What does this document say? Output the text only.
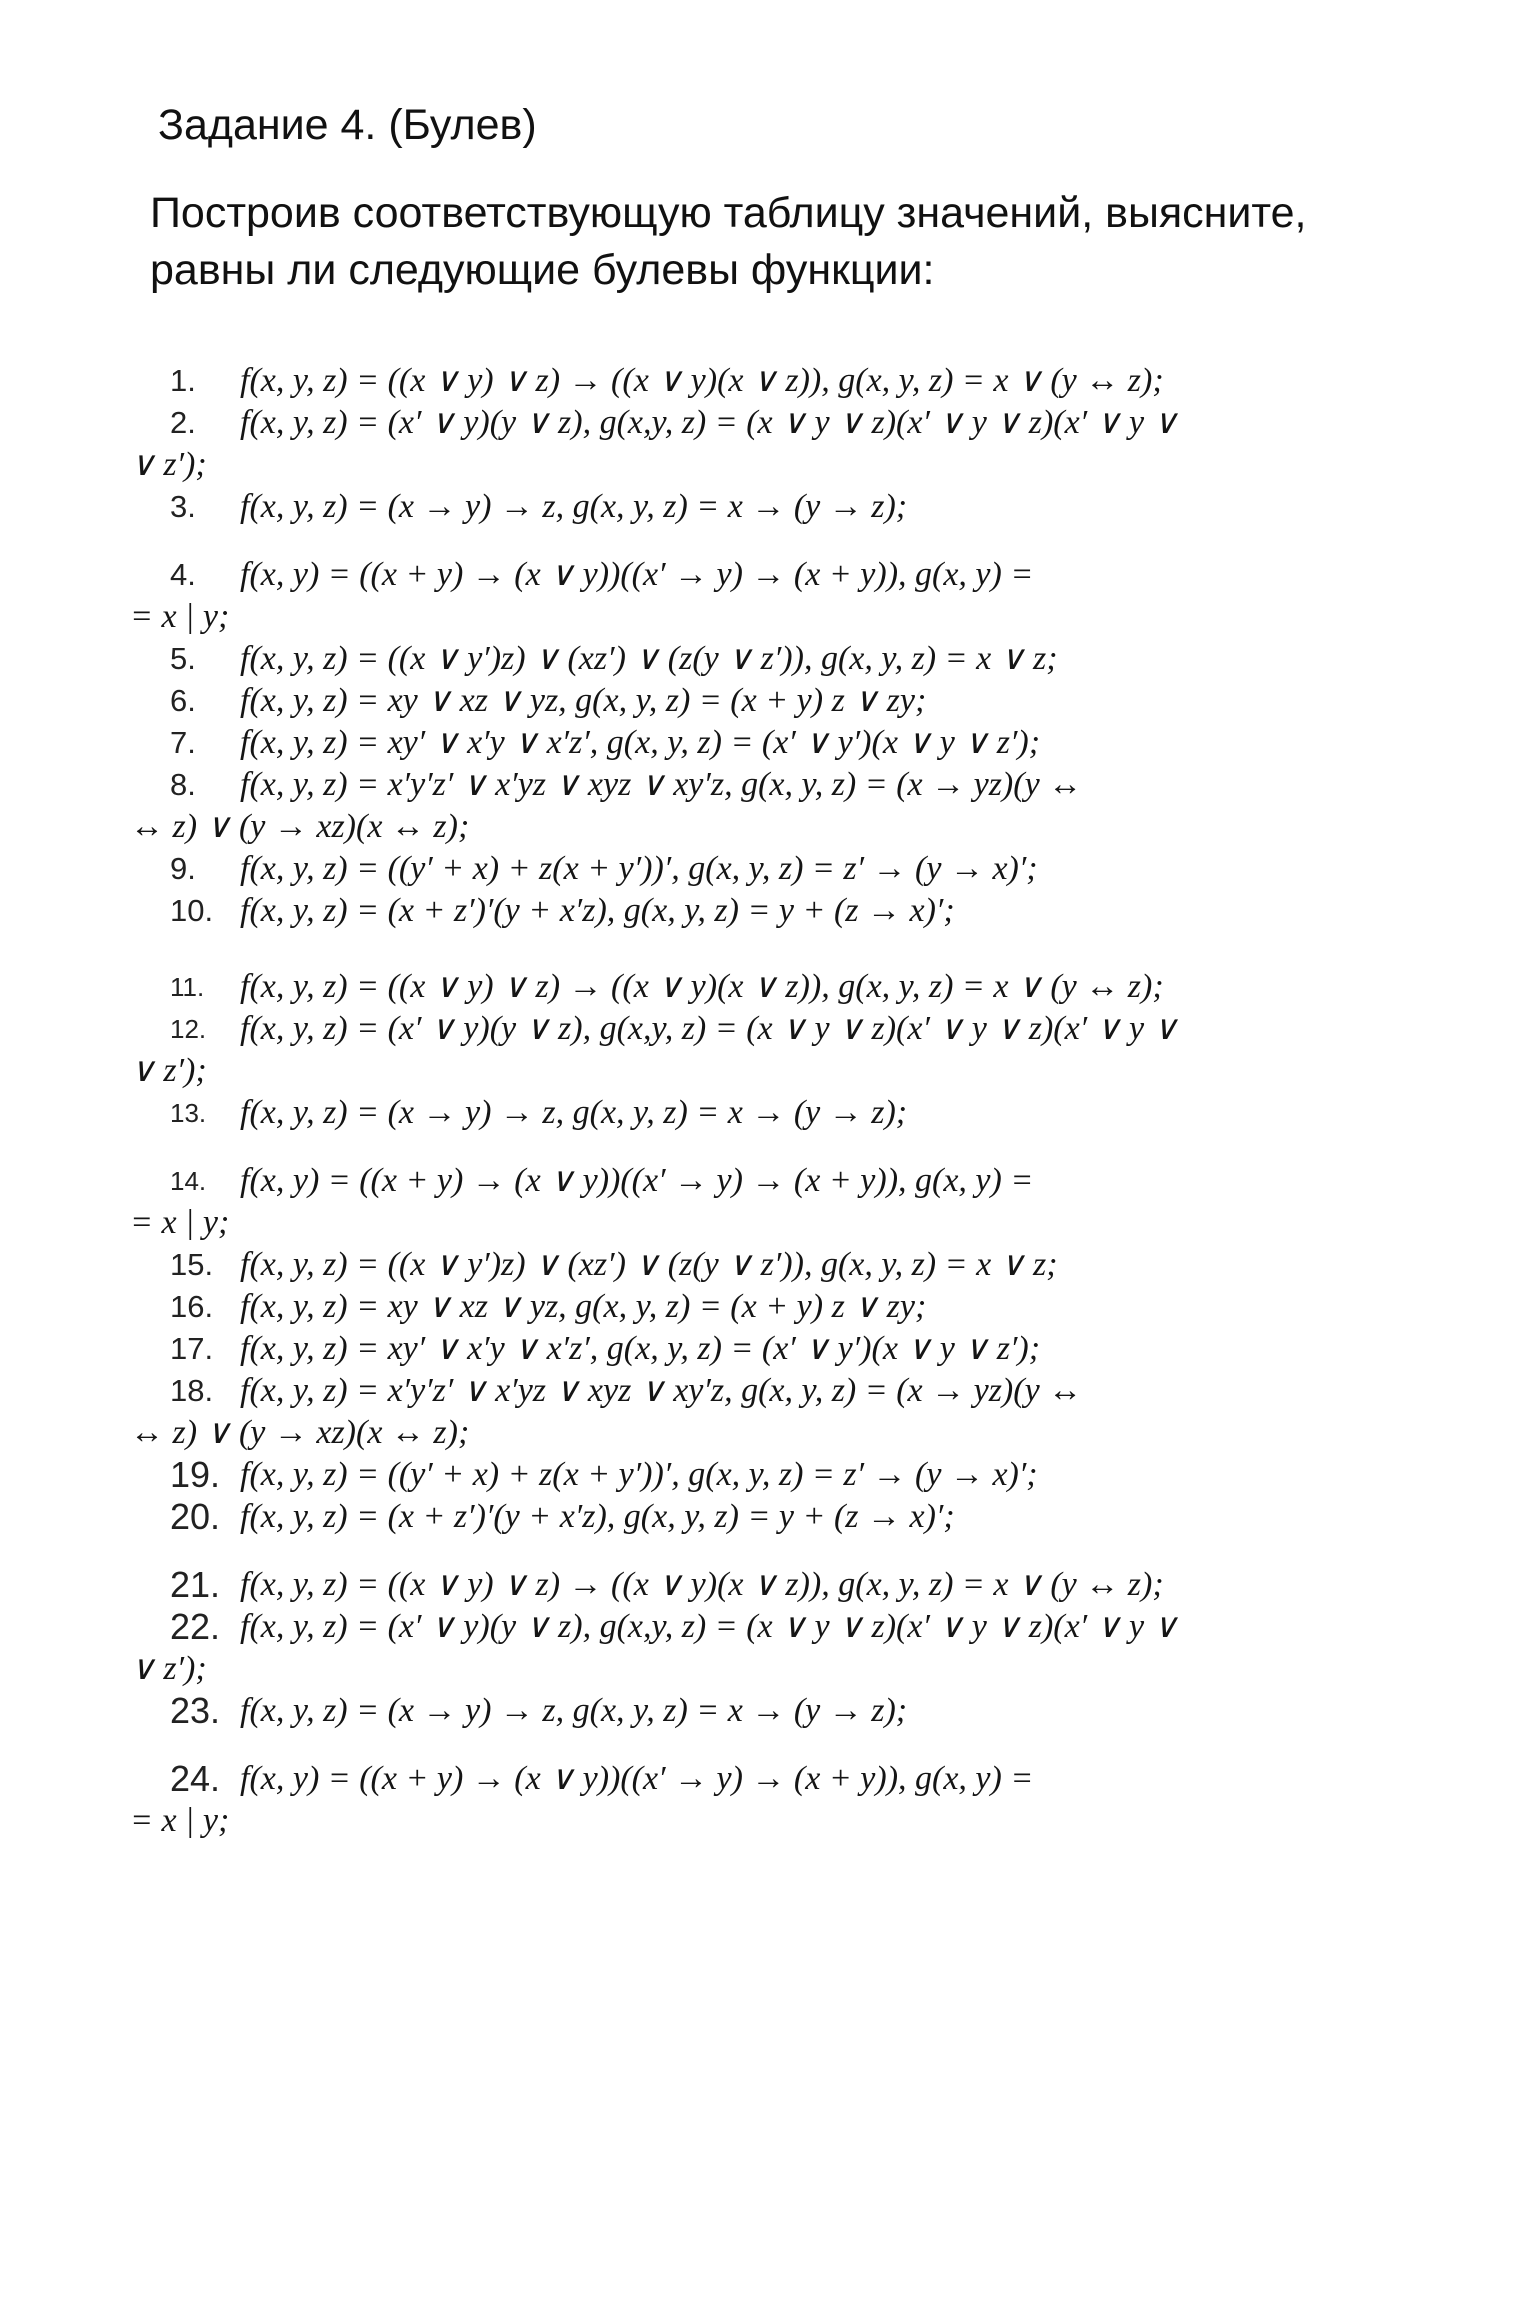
Задание 4. (Булев)
Построив соответствующую таблицу значений, выясните,
равны ли следующие булевы функции:
1.	f(x, y, z) = ((x ∨ y) ∨ z) → ((x ∨ y)(x ∨ z)), g(x, y, z) = x ∨ (y ↔ z);
2.	f(x, y, z) = (x′ ∨ y)(y ∨ z), g(x,y, z) = (x ∨ y ∨ z)(x′ ∨ y ∨ z)(x′ ∨ y ∨
∨ z′);
3.	f(x, y, z) = (x → y) → z, g(x, y, z) = x → (y → z);
4.	f(x, y) = ((x + y) → (x ∨ y))((x′ → y) → (x + y)), g(x, y) =
= x | y;
5.	f(x, y, z) = ((x ∨ y′)z) ∨ (xz′) ∨ (z(y ∨ z′)), g(x, y, z) = x ∨ z;
6.	f(x, y, z) = xy ∨ xz ∨ yz, g(x, y, z) = (x + y) z ∨ zy;
7.	f(x, y, z) = xy′ ∨ x′y ∨ x′z′, g(x, y, z) = (x′ ∨ y′)(x ∨ y ∨ z′);
8.	f(x, y, z) = x′y′z′ ∨ x′yz ∨ xyz ∨ xy′z, g(x, y, z) = (x → yz)(y ↔
↔ z) ∨ (y → xz)(x ↔ z);
9.	f(x, y, z) = ((y′ + x) + z(x + y′))′, g(x, y, z) = z′ → (y → x)′;
10. f(x, y, z) = (x + z′)′(y + x′z), g(x, y, z) = y + (z → x)′;
11.	f(x, y, z) = ((x ∨ y) ∨ z) → ((x ∨ y)(x ∨ z)), g(x, y, z) = x ∨ (y ↔ z);
12. f(x, y, z) = (x′ ∨ y)(y ∨ z), g(x,y, z) = (x ∨ y ∨ z)(x′ ∨ y ∨ z)(x′ ∨ y ∨
∨ z′);
13. f(x, y, z) = (x → y) → z, g(x, y, z) = x → (y → z);
14. f(x, y) = ((x + y) → (x ∨ y))((x′ → y) → (x + y)), g(x, y) =
= x | y;
15. f(x, y, z) = ((x ∨ y′)z) ∨ (xz′) ∨ (z(y ∨ z′)), g(x, y, z) = x ∨ z;
16. f(x, y, z) = xy ∨ xz ∨ yz, g(x, y, z) = (x + y) z ∨ zy;
17. f(x, y, z) = xy′ ∨ x′y ∨ x′z′, g(x, y, z) = (x′ ∨ y′)(x ∨ y ∨ z′);
18. f(x, y, z) = x′y′z′ ∨ x′yz ∨ xyz ∨ xy′z, g(x, y, z) = (x → yz)(y ↔
↔ z) ∨ (y → xz)(x ↔ z);
19. f(x, y, z) = ((y′ + x) + z(x + y′))′, g(x, y, z) = z′ → (y → x)′;
20. f(x, y, z) = (x + z′)′(y + x′z), g(x, y, z) = y + (z → x)′;
21. f(x, y, z) = ((x ∨ y) ∨ z) → ((x ∨ y)(x ∨ z)), g(x, y, z) = x ∨ (y ↔ z);
22. f(x, y, z) = (x′ ∨ y)(y ∨ z), g(x,y, z) = (x ∨ y ∨ z)(x′ ∨ y ∨ z)(x′ ∨ y ∨
∨ z′);
23. f(x, y, z) = (x → y) → z, g(x, y, z) = x → (y → z);
24. f(x, y) = ((x + y) → (x ∨ y))((x′ → y) → (x + y)), g(x, y) =
= x | y;
